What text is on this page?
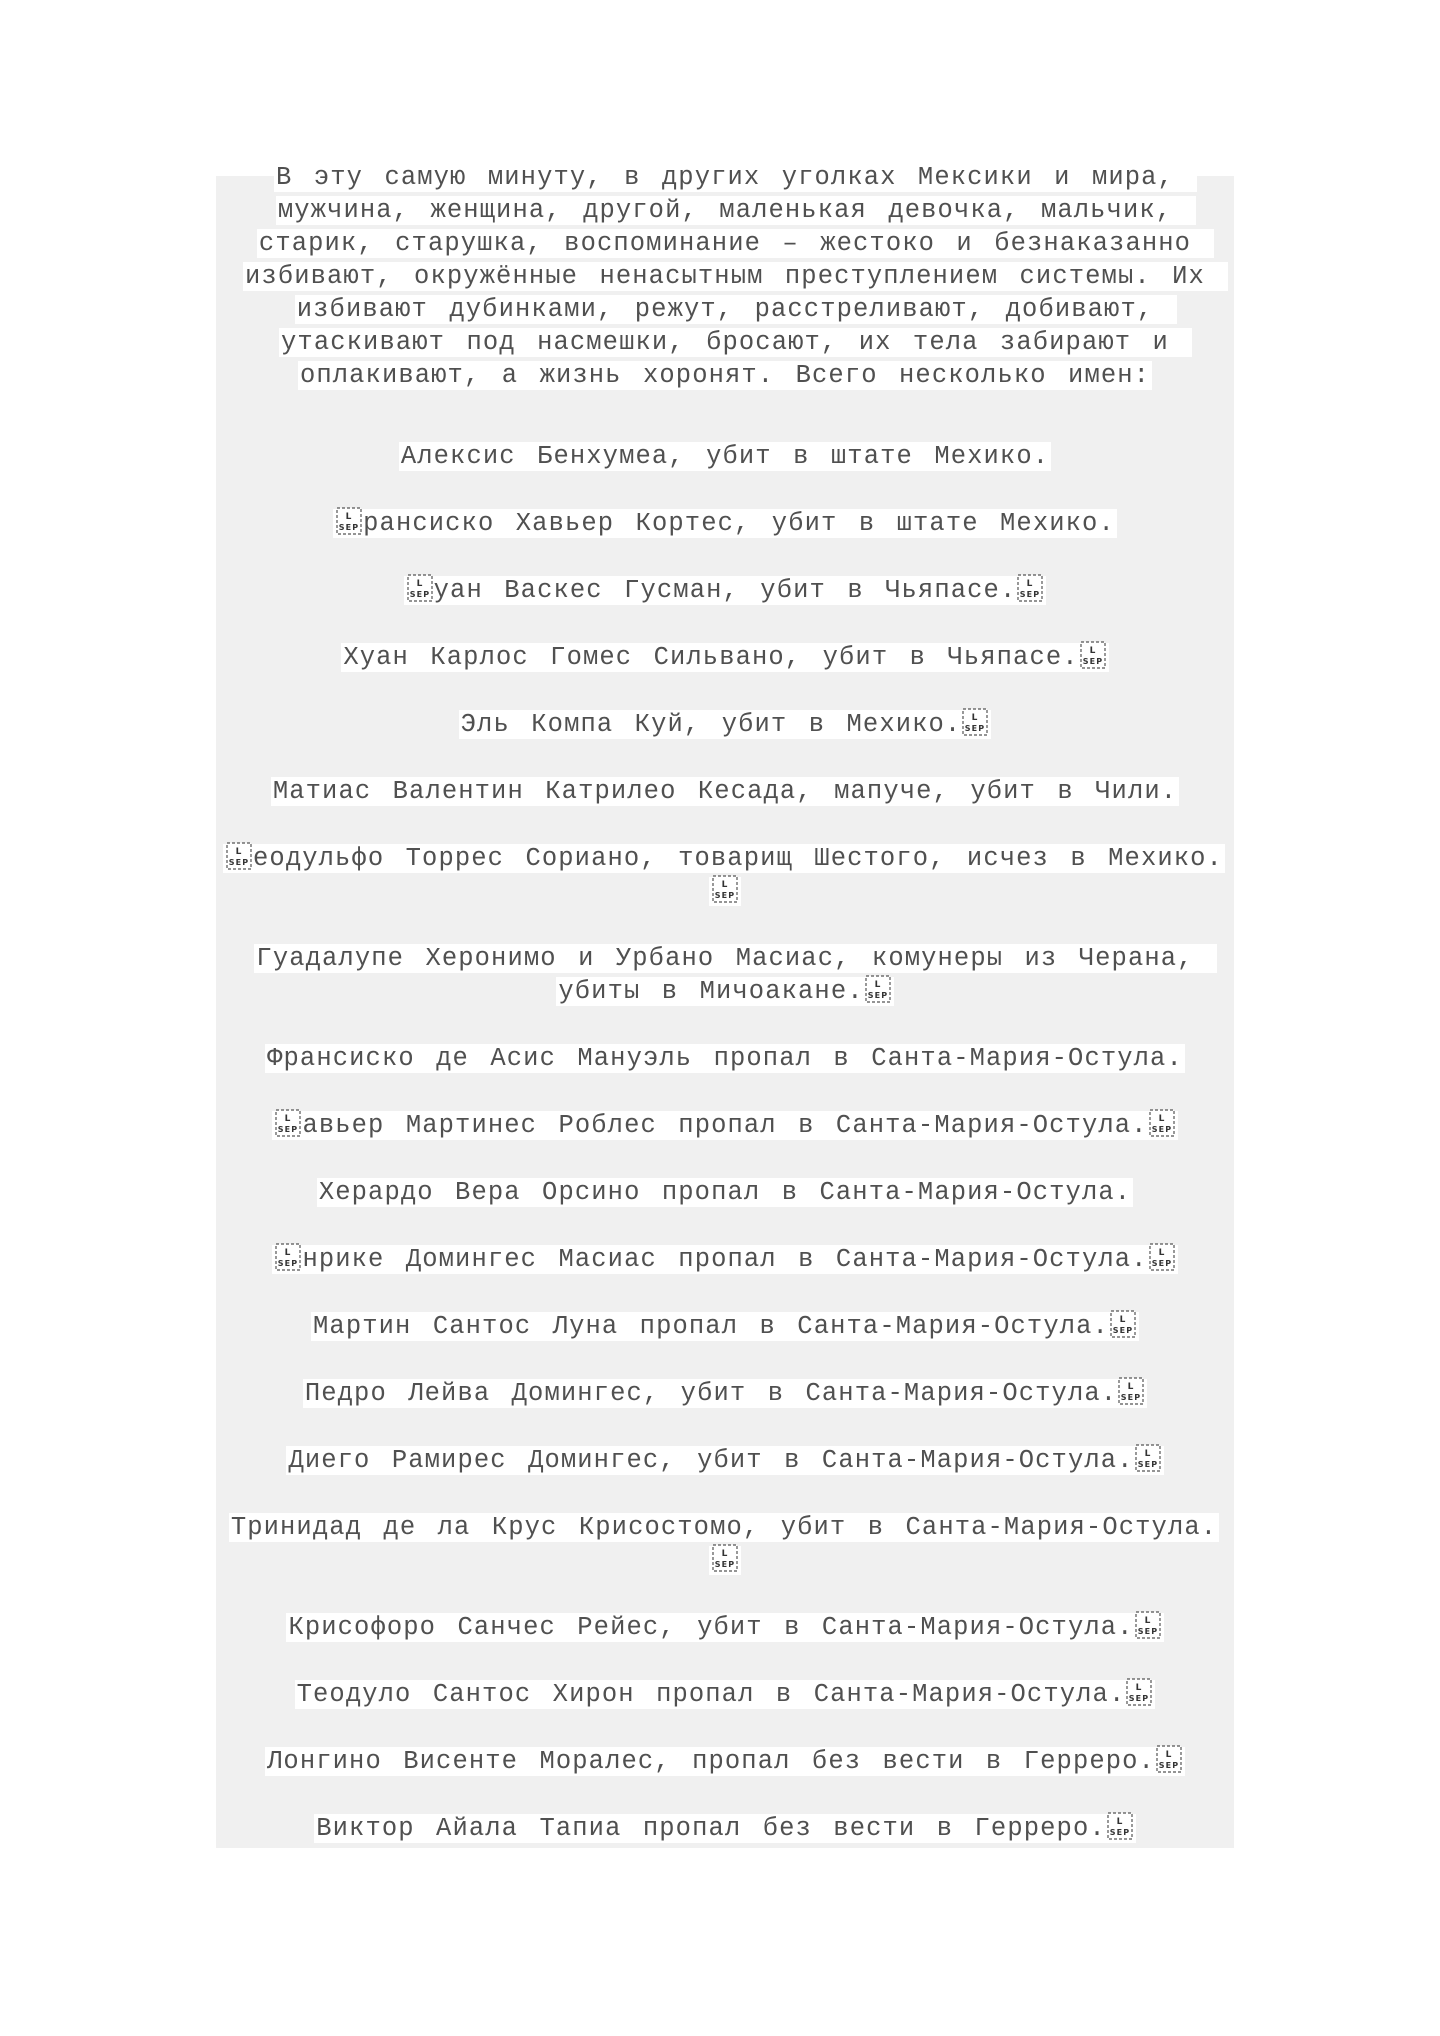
В эту самую минуту, в других уголках Мексики и мира, мужчина, женщина, другой, маленькая девочка, мальчик, старик, старушка, воспоминание – жестоко и безнаказанно избивают, окружённые ненасытным преступлением системы. Их избивают дубинками, режут, расстреливают, добивают, утаскивают под насмешки, бросают, их тела забирают и оплакивают, а жизнь хоронят. Всего несколько имен:

Алексис Бенхумеа, убит в штате Мехико.

L
SEP рансиско Хавьер Кортес, убит в штате Мехико.

L
SEP уан Васкес Гусман, убит в Чьяпасе. L
SEP

Хуан Карлос Гомес Сильвано, убит в Чьяпасе. L
SEP

Эль Компа Куй, убит в Мехико. L
SEP

Матиас Валентин Катрилео Кесада, мапуче, убит в Чили.

L
SEP еодульфо Торрес Сориано, товарищ Шестого, исчез в Мехико.
L
SEP

Гуадалупе Херонимо и Урбано Масиас, комунеры из Черана, убиты в Мичоакане. L
SEP

Франсиско де Асис Мануэль пропал в Санта-Мария-Остула.

L
SEP авьер Мартинес Роблес пропал в Санта-Мария-Остула. L
SEP

Херардо Вера Орсино пропал в Санта-Мария-Остула.

L
SEP нрике Домингес Масиас пропал в Санта-Мария-Остула. L
SEP

Мартин Сантос Луна пропал в Санта-Мария-Остула. L
SEP

Педро Лейва Домингес, убит в Санта-Мария-Остула. L
SEP

Диего Рамирес Домингес, убит в Санта-Мария-Остула. L
SEP

Тринидад де ла Крус Крисостомо, убит в Санта-Мария-Остула.
L
SEP

Крисофоро Санчес Рейес, убит в Санта-Мария-Остула. L
SEP

Теодуло Сантос Хирон пропал в Санта-Мария-Остула. L
SEP

Лонгино Висенте Моралес, пропал без вести в Герреро. L
SEP

Виктор Айала Тапиа пропал без вести в Герреро. L
SEP
